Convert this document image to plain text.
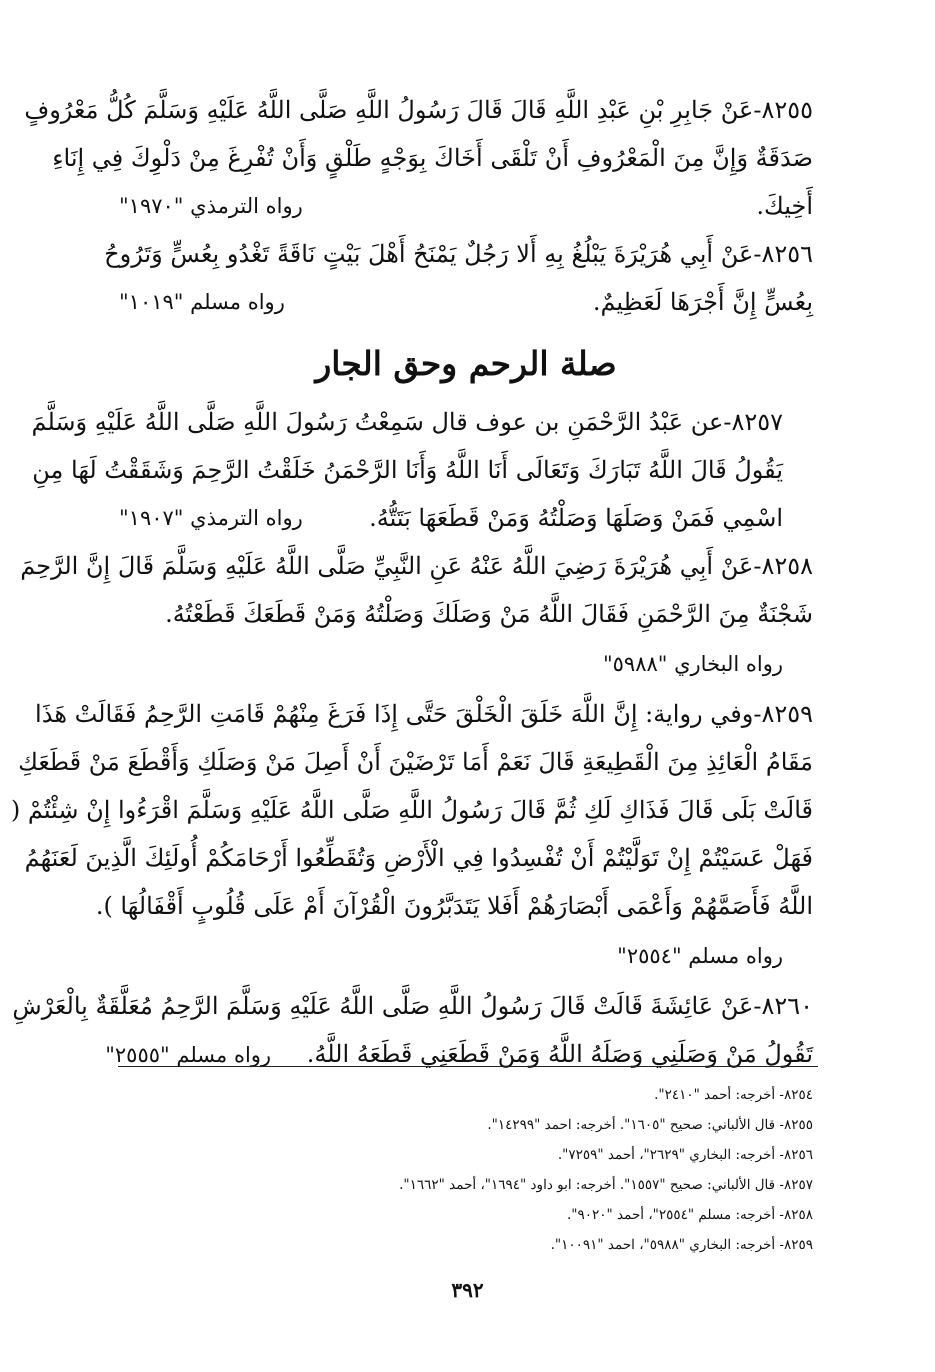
٨٢٥٥-عَنْ جَابِرِ بْنِ عَبْدِ اللَّهِ قَالَ قَالَ رَسُولُ اللَّهِ صَلَّى اللَّهُ عَلَيْهِ وَسَلَّمَ كُلُّ مَعْرُوفٍ
صَدَقَةٌ وَإِنَّ مِنَ الْمَعْرُوفِ أَنْ تَلْقَى أَخَاكَ بِوَجْهٍ طَلْقٍ وَأَنْ تُفْرِغَ مِنْ دَلْوِكَ فِي إِنَاءِ
أَخِيكَ.
رواه الترمذي "١٩٧٠"
٨٢٥٦-عَنْ أَبِي هُرَيْرَةَ يَبْلُغُ بِهِ أَلا رَجُلٌ يَمْنَحُ أَهْلَ بَيْتٍ نَاقَةً تَغْدُو بِعُسٍّ وَتَرُوحُ
بِعُسٍّ إِنَّ أَجْرَهَا لَعَظِيمٌ.
رواه مسلم "١٠١٩"
صلة الرحم وحق الجار
٨٢٥٧-عن عَبْدُ الرَّحْمَنِ بن عوف قال سَمِعْتُ رَسُولَ اللَّهِ صَلَّى اللَّهُ عَلَيْهِ وَسَلَّمَ
يَقُولُ قَالَ اللَّهُ تَبَارَكَ وَتَعَالَى أَنَا اللَّهُ وَأَنَا الرَّحْمَنُ خَلَقْتُ الرَّحِمَ وَشَقَقْتُ لَهَا مِنِ
اسْمِي فَمَنْ وَصَلَهَا وَصَلْتُهُ وَمَنْ قَطَعَهَا بَتَتُّهُ.
رواه الترمذي "١٩٠٧"
٨٢٥٨-عَنْ أَبِي هُرَيْرَةَ رَضِيَ اللَّهُ عَنْهُ عَنِ النَّبِيِّ صَلَّى اللَّهُ عَلَيْهِ وَسَلَّمَ قَالَ إِنَّ الرَّحِمَ
شَجْنَةٌ مِنَ الرَّحْمَنِ فَقَالَ اللَّهُ مَنْ وَصَلَكَ وَصَلْتُهُ وَمَنْ قَطَعَكَ قَطَعْتُهُ.
رواه البخاري "٥٩٨٨"
٨٢٥٩-وفي رواية: إِنَّ اللَّهَ خَلَقَ الْخَلْقَ حَتَّى إِذَا فَرَغَ مِنْهُمْ قَامَتِ الرَّحِمُ فَقَالَتْ هَذَا
مَقَامُ الْعَائِذِ مِنَ الْقَطِيعَةِ قَالَ نَعَمْ أَمَا تَرْضَيْنَ أَنْ أَصِلَ مَنْ وَصَلَكِ وَأَقْطَعَ مَنْ قَطَعَكِ
قَالَتْ بَلَى قَالَ فَذَاكِ لَكِ ثُمَّ قَالَ رَسُولُ اللَّهِ صَلَّى اللَّهُ عَلَيْهِ وَسَلَّمَ اقْرَءُوا إِنْ شِئْتُمْ (
فَهَلْ عَسَيْتُمْ إِنْ تَوَلَّيْتُمْ أَنْ تُفْسِدُوا فِي الْأَرْضِ وَتُقَطِّعُوا أَرْحَامَكُمْ أُولَئِكَ الَّذِينَ لَعَنَهُمُ
اللَّهُ فَأَصَمَّهُمْ وَأَعْمَى أَبْصَارَهُمْ أَفَلا يَتَدَبَّرُونَ الْقُرْآنَ أَمْ عَلَى قُلُوبٍ أَقْفَالُهَا ).
رواه مسلم "٢٥٥٤"
٨٢٦٠-عَنْ عَائِشَةَ قَالَتْ قَالَ رَسُولُ اللَّهِ صَلَّى اللَّهُ عَلَيْهِ وَسَلَّمَ الرَّحِمُ مُعَلَّقَةٌ بِالْعَرْشِ
تَقُولُ مَنْ وَصَلَنِي وَصَلَهُ اللَّهُ وَمَنْ قَطَعَنِي قَطَعَهُ اللَّهُ. رواه مسلم "٢٥٥٥"
٨٢٥٤- أخرجه: أحمد "٢٤١٠".
٨٢٥٥- قال الألباني: صحيح "١٦٠٥". أخرجه: احمد "١٤٢٩٩".
٨٢٥٦- أخرجه: البخاري "٢٦٢٩"، أحمد "٧٢٥٩".
٨٢٥٧- قال الألباني: صحيح "١٥٥٧". أخرجه: ابو داود "١٦٩٤"، أحمد "١٦٦٢".
٨٢٥٨- أخرجه: مسلم "٢٥٥٤"، أحمد "٩٠٢٠".
٨٢٥٩- أخرجه: البخاري "٥٩٨٨"، احمد "١٠٠٩١".
٣٩٢
